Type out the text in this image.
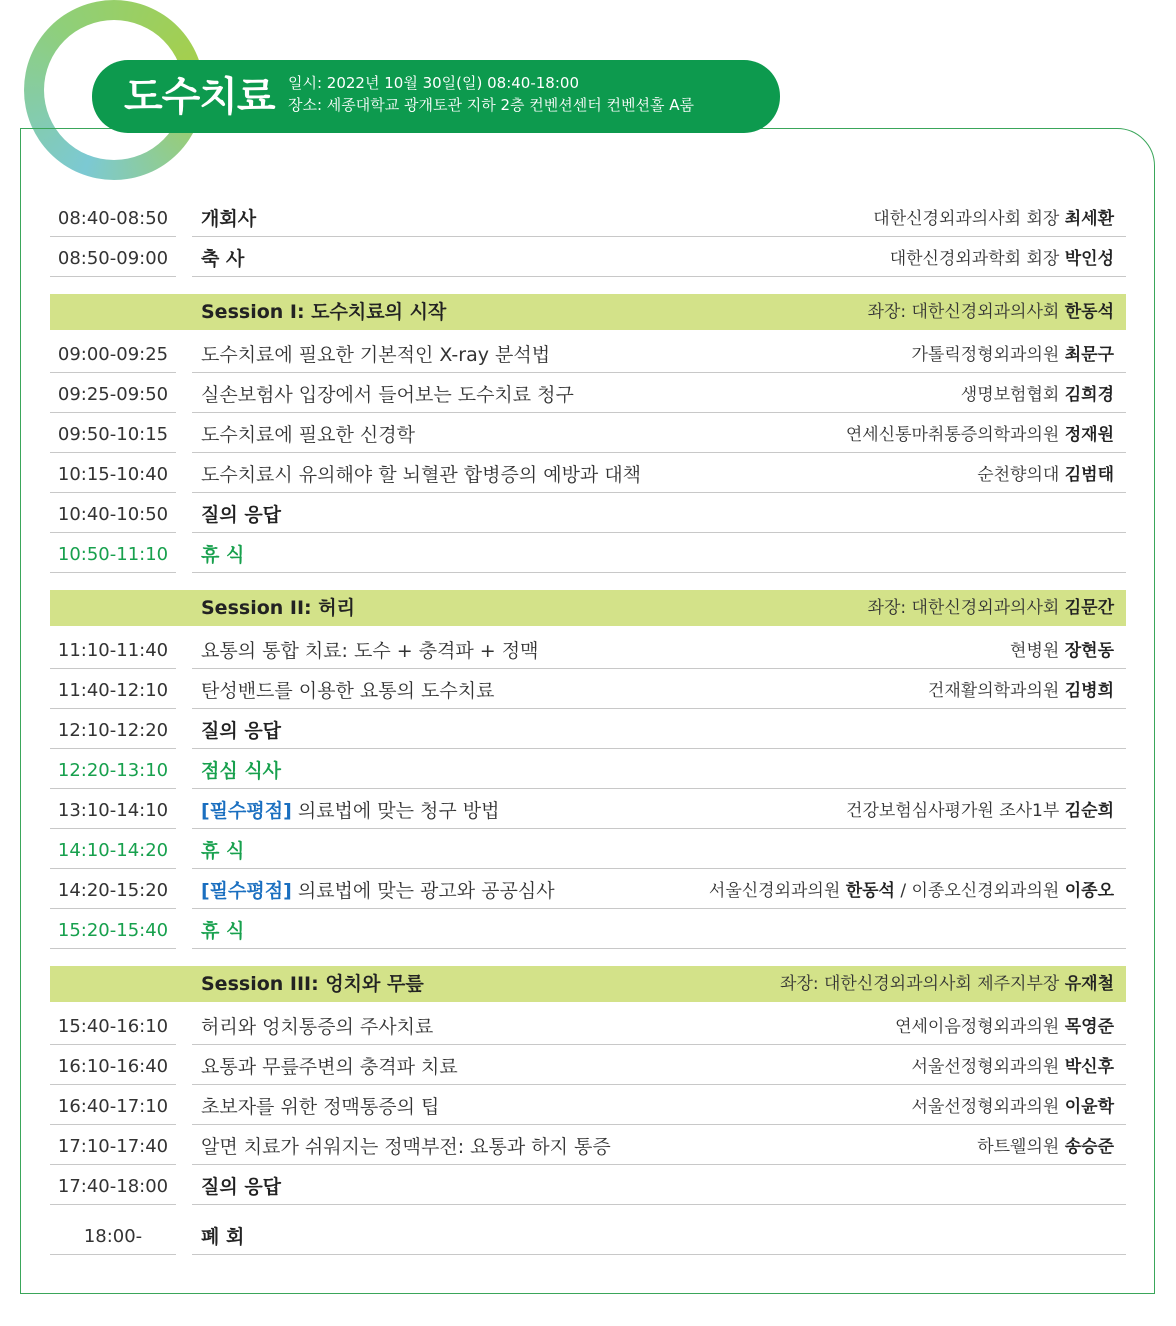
도수치료 일시: 2022년 10월 30일(일) 08:40-18:00
장소: 세종대학교 광개토관 지하 2층 컨벤션센터 컨벤션홀 A룸
08:40-08:50	개회사	대한신경외과의사회 회장 최세환
08:50-09:00	축 사	대한신경외과학회 회장 박인성
Session I: 도수치료의 시작	좌장: 대한신경외과의사회 한동석
09:00-09:25	도수치료에 필요한 기본적인 X-ray 분석법	가톨릭정형외과의원 최문구
09:25-09:50	실손보험사 입장에서 들어보는 도수치료 청구	생명보험협회 김희경
09:50-10:15	도수치료에 필요한 신경학	연세신통마취통증의학과의원 정재원
10:15-10:40	도수치료시 유의해야 할 뇌혈관 합병증의 예방과 대책	순천향의대 김범태
10:40-10:50	질의 응답
10:50-11:10	휴 식
Session II: 허리	좌장: 대한신경외과의사회 김문간
11:10-11:40	요통의 통합 치료: 도수 + 충격파 + 정맥	현병원 장현동
11:40-12:10	탄성밴드를 이용한 요통의 도수치료	건재활의학과의원 김병희
12:10-12:20	질의 응답
12:20-13:10	점심 식사
13:10-14:10	[필수평점] 의료법에 맞는 청구 방법	건강보험심사평가원 조사1부 김순희
14:10-14:20	휴 식
14:20-15:20	[필수평점] 의료법에 맞는 광고와 공공심사	서울신경외과의원 한동석 / 이종오신경외과의원 이종오
15:20-15:40	휴 식
Session III: 엉치와 무릎	좌장: 대한신경외과의사회 제주지부장 유재철
15:40-16:10	허리와 엉치통증의 주사치료	연세이음정형외과의원 목영준
16:10-16:40	요통과 무릎주변의 충격파 치료	서울선정형외과의원 박신후
16:40-17:10	초보자를 위한 정맥통증의 팁	서울선정형외과의원 이윤학
17:10-17:40	알면 치료가 쉬워지는 정맥부전: 요통과 하지 통증	하트웰의원 송승준
17:40-18:00	질의 응답
18:00-	폐 회
